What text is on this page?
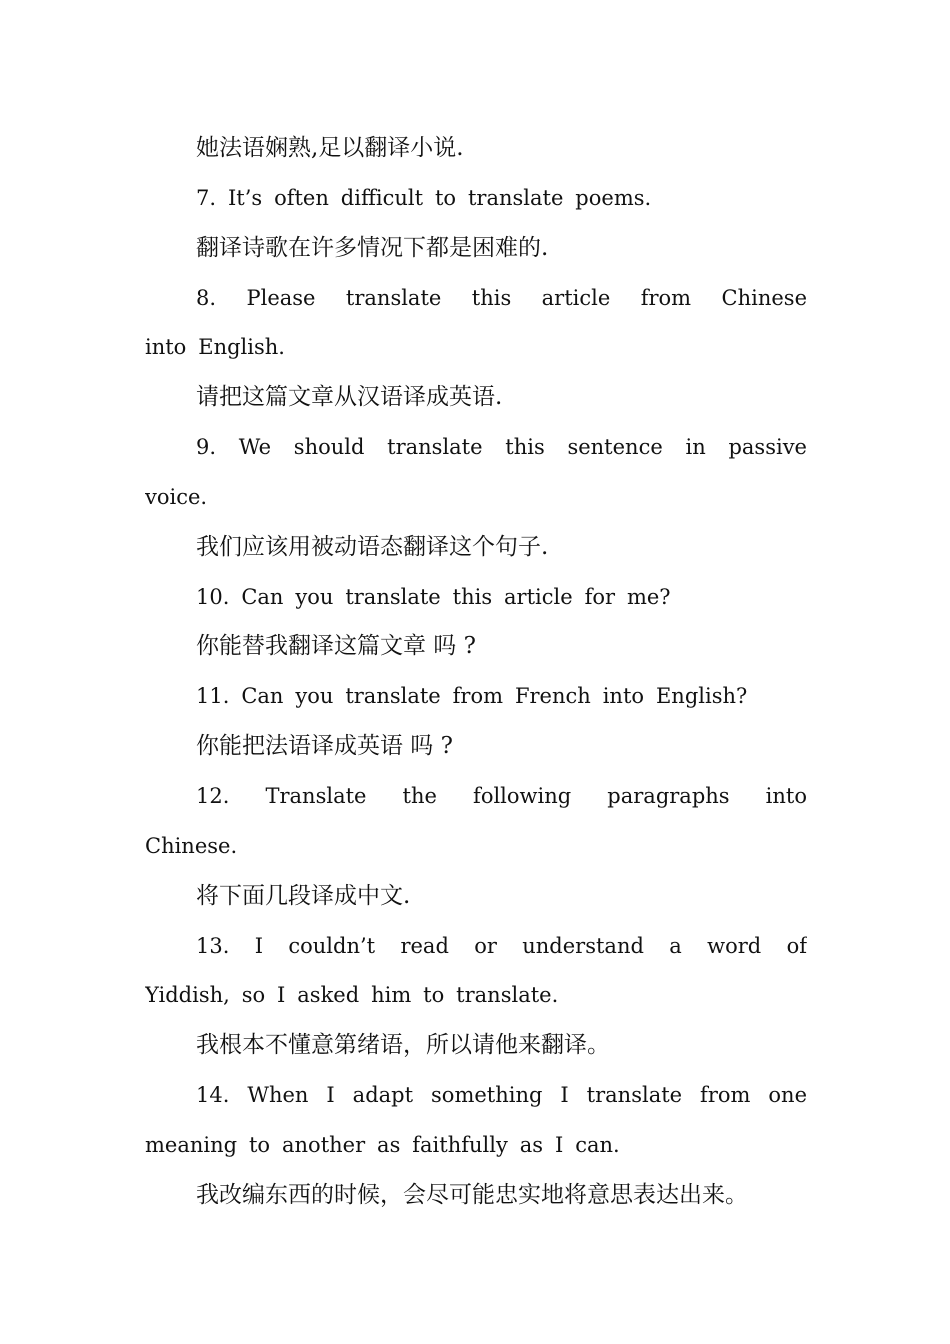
她法语娴熟,足以翻译小说.
7. It’s often difficult to translate poems.
翻译诗歌在许多情况下都是困难的.
8. Please translate this article from Chinese
into English.
请把这篇文章从汉语译成英语.
9. We should translate this sentence in passive
voice.
我们应该用被动语态翻译这个句子.
10. Can you translate this article for me?
你能替我翻译这篇文章 吗 ?
11. Can you translate from French into English?
你能把法语译成英语 吗 ?
12. Translate the following paragraphs into
Chinese.
将下面几段译成中文.
13. I couldn’t read or understand a word of
Yiddish, so I asked him to translate.
我根本不懂意第绪语，所以请他来翻译。
14. When I adapt something I translate from one
meaning to another as faithfully as I can.
我改编东西的时候，会尽可能忠实地将意思表达出来。
